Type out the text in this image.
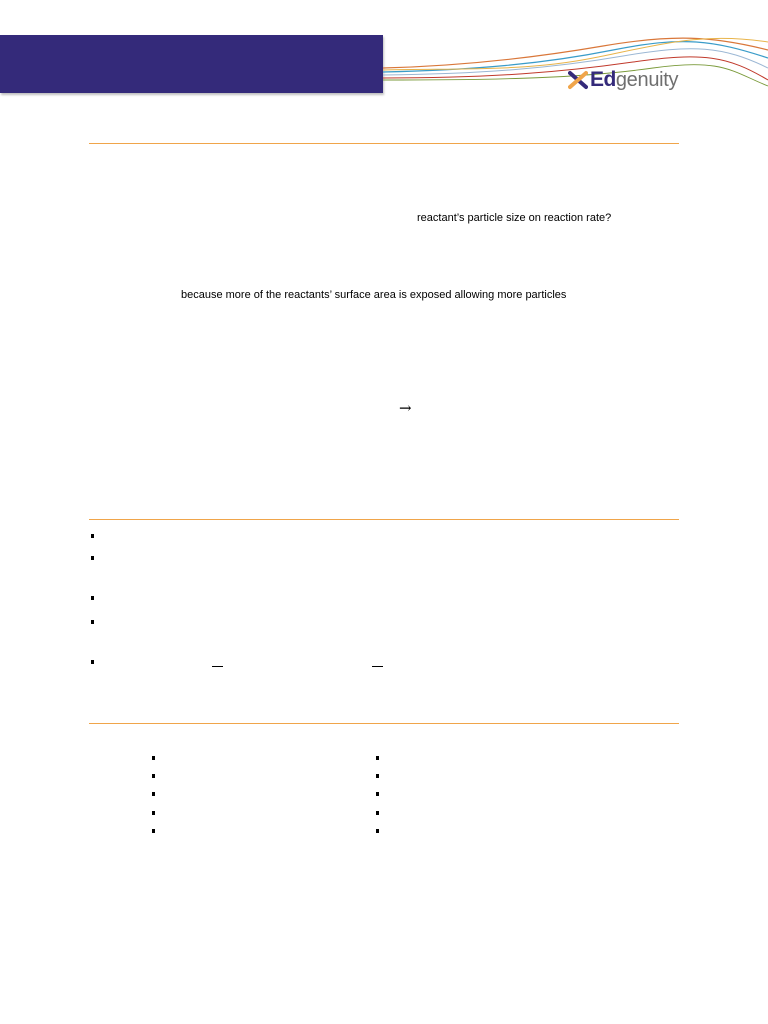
Ed genuity
reactant’s particle size on reaction rate?
because more of the reactants’ surface area is exposed allowing more particles
→
